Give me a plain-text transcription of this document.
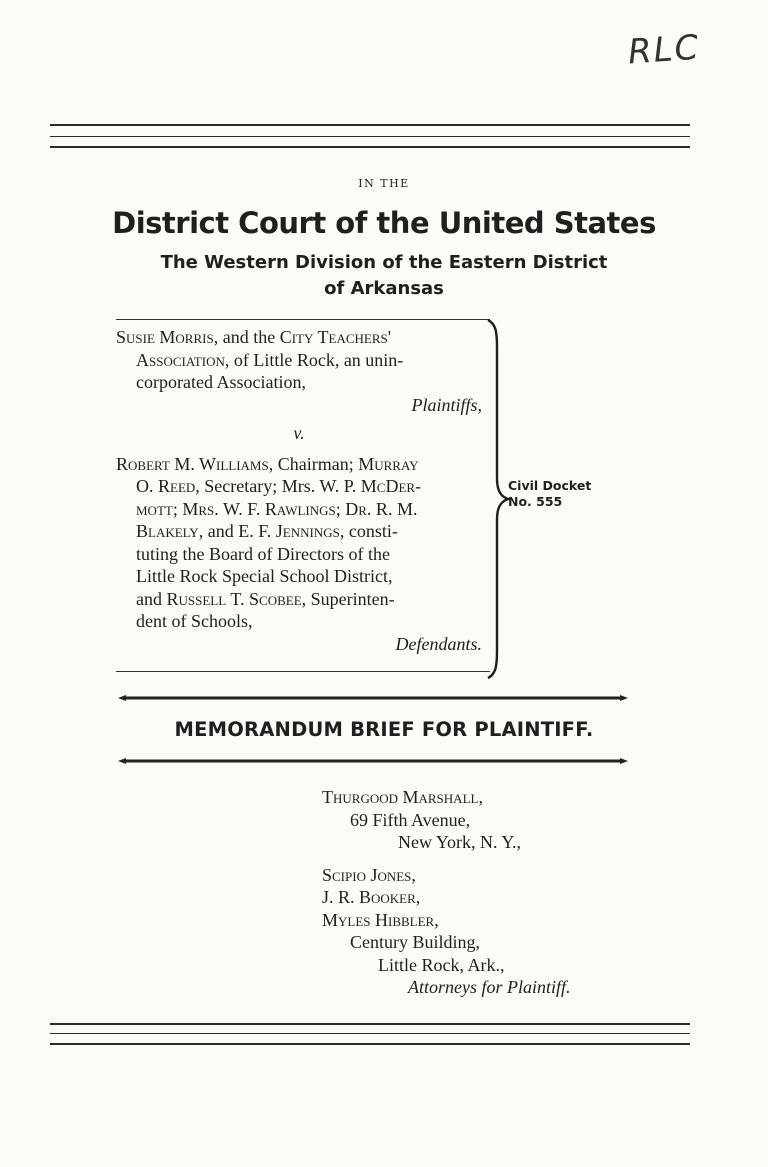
RLC
IN THE
District Court of the United States
The Western Division of the Eastern District
of Arkansas

Susie Morris, and the City Teachers'
Association, of Little Rock, an unin-
corporated Association,

Plaintiffs,
v.

Robert M. Williams, Chairman; Murray
O. Reed, Secretary; Mrs. W. P. McDer-
mott; Mrs. W. F. Rawlings; Dr. R. M.
Blakely, and E. F. Jennings, consti-
tuting the Board of Directors of the
Little Rock Special School District,
and Russell T. Scobee, Superinten-
dent of Schools,

Defendants.
Civil Docket
No. 555
MEMORANDUM BRIEF FOR PLAINTIFF.
Thurgood Marshall,
69 Fifth Avenue,
New York, N. Y.,
Scipio Jones,
J. R. Booker,
Myles Hibbler,
Century Building,
Little Rock, Ark.,
Attorneys for Plaintiff.
